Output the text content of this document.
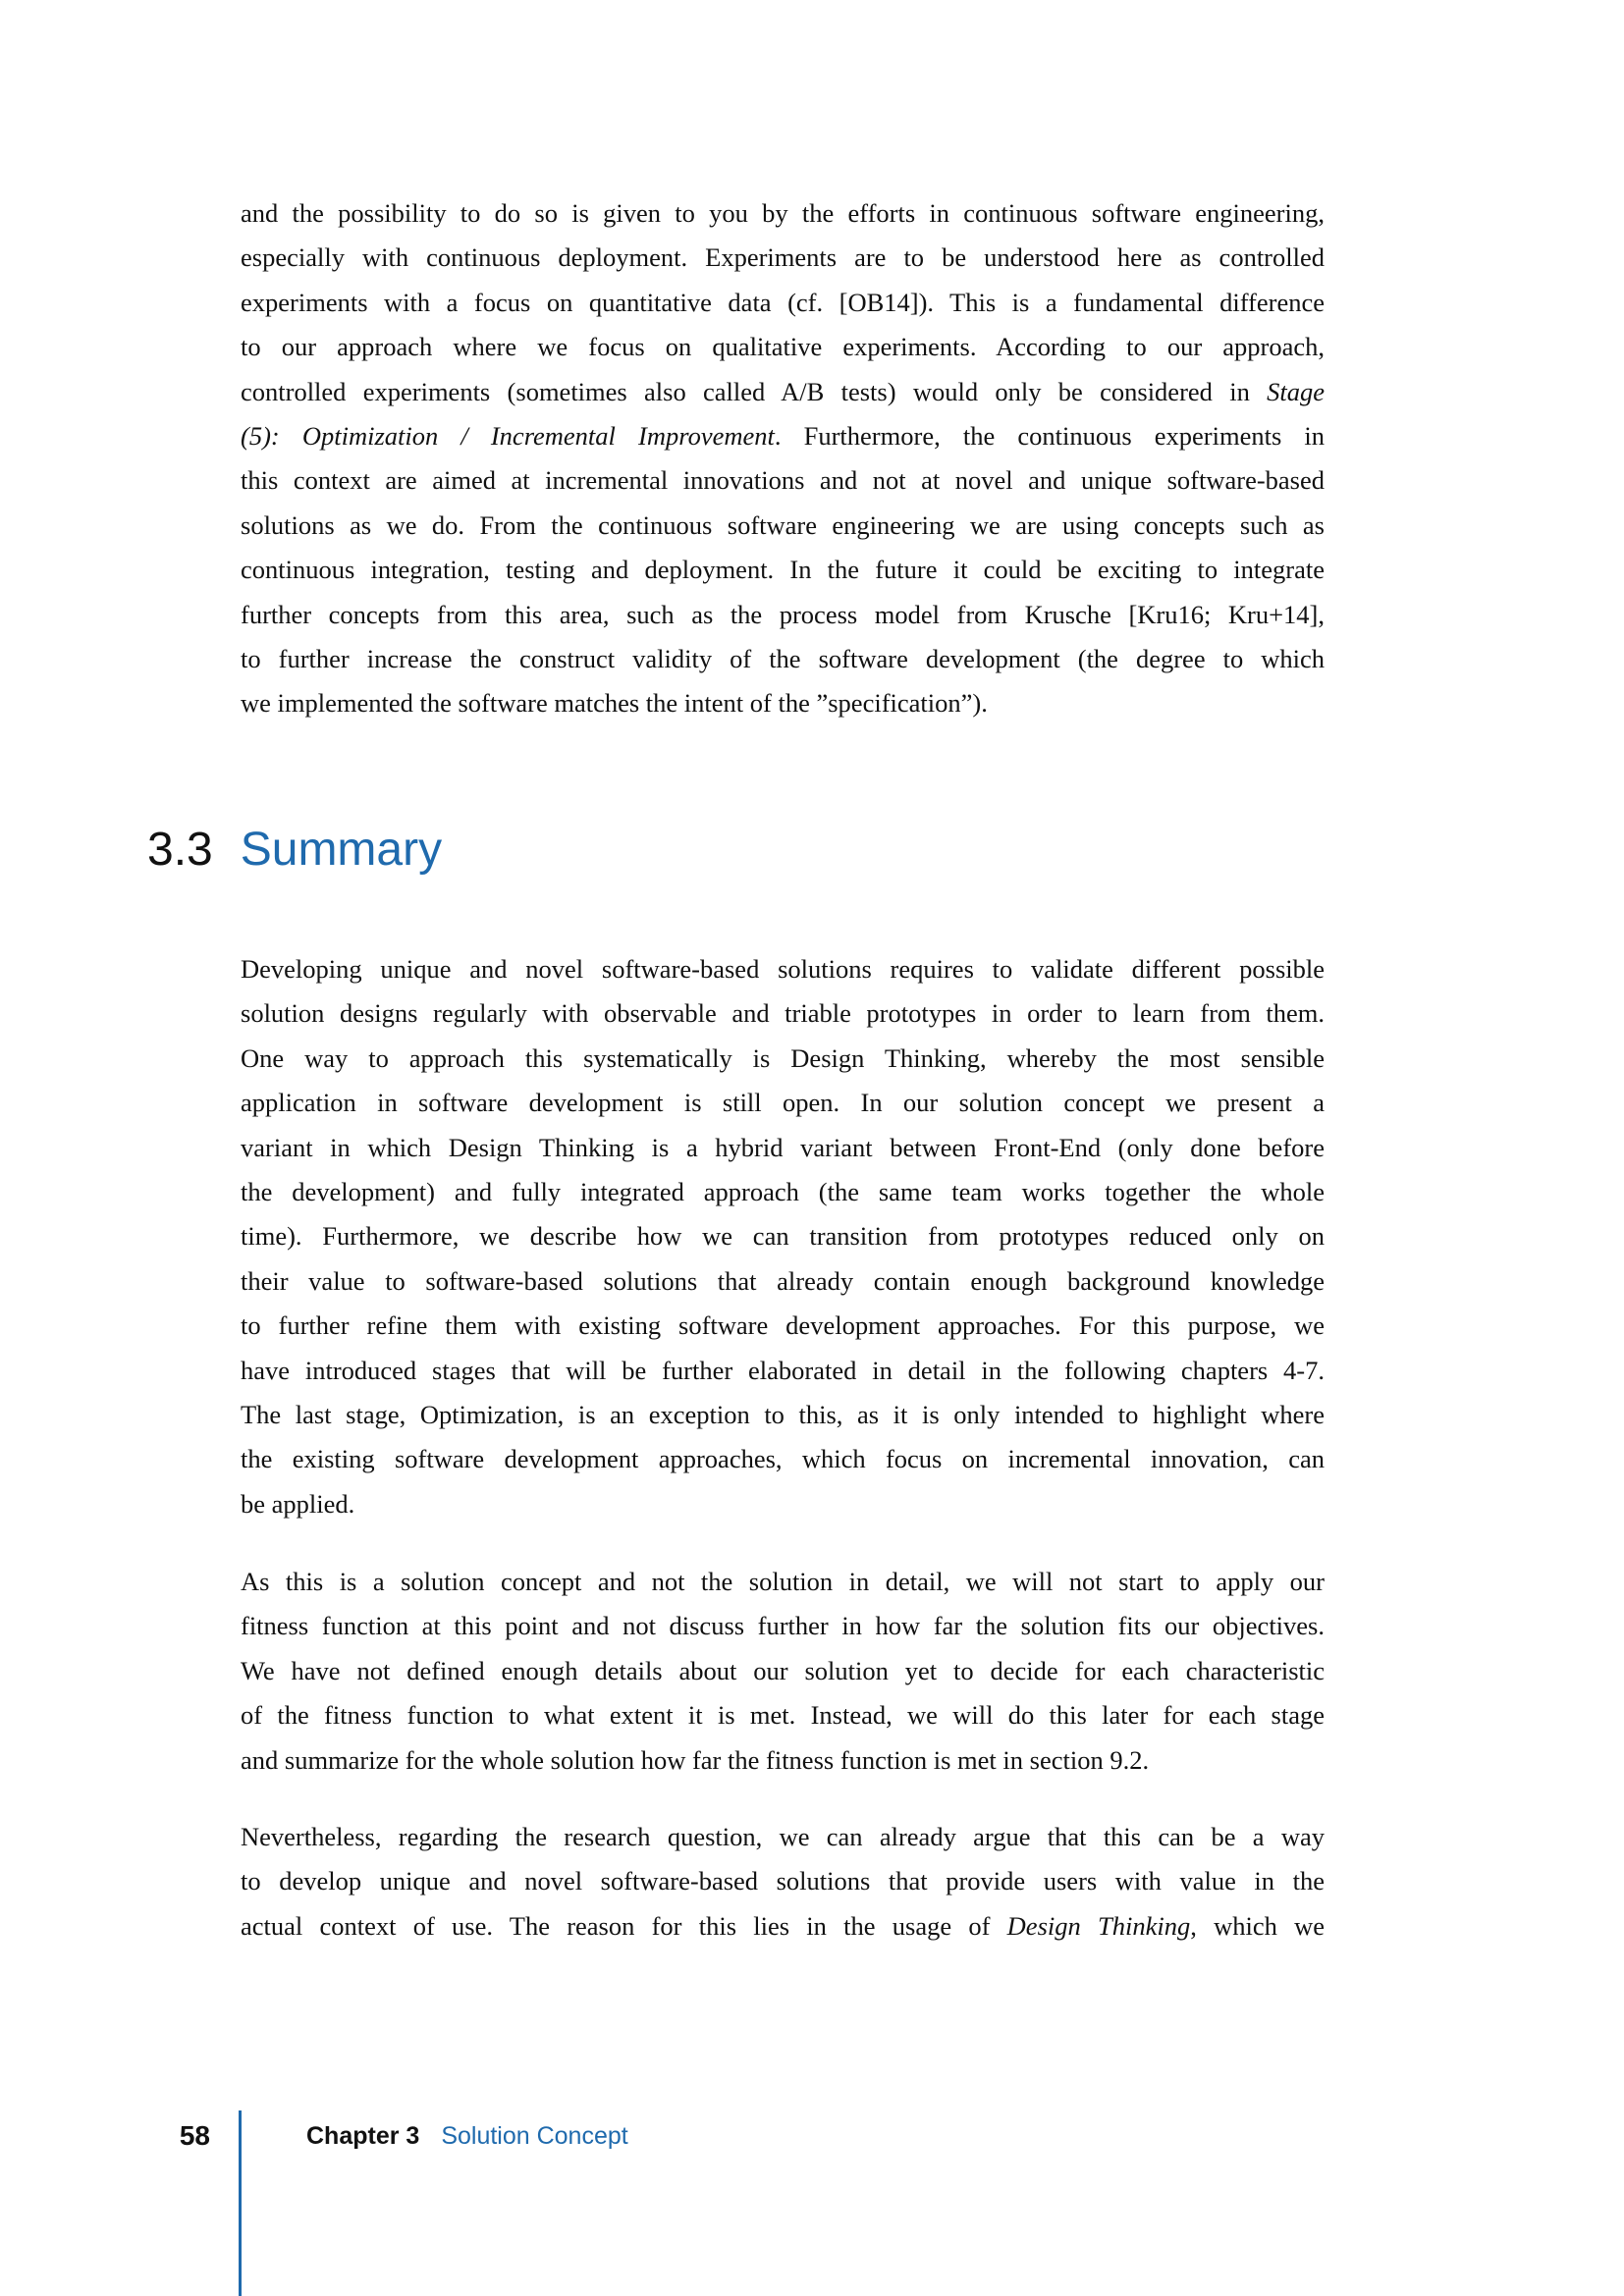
and the possibility to do so is given to you by the efforts in continuous software engineering,
especially with continuous deployment. Experiments are to be understood here as controlled
experiments with a focus on quantitative data (cf. [OB14]). This is a fundamental difference
to our approach where we focus on qualitative experiments. According to our approach,
controlled experiments (sometimes also called A/B tests) would only be considered in Stage
(5): Optimization / Incremental Improvement. Furthermore, the continuous experiments in
this context are aimed at incremental innovations and not at novel and unique software-based
solutions as we do. From the continuous software engineering we are using concepts such as
continuous integration, testing and deployment. In the future it could be exciting to integrate
further concepts from this area, such as the process model from Krusche [Kru16; Kru+14],
to further increase the construct validity of the software development (the degree to which
we implemented the software matches the intent of the ”specification”).
3.3 Summary
Developing unique and novel software-based solutions requires to validate different possible
solution designs regularly with observable and triable prototypes in order to learn from them.
One way to approach this systematically is Design Thinking, whereby the most sensible
application in software development is still open. In our solution concept we present a
variant in which Design Thinking is a hybrid variant between Front-End (only done before
the development) and fully integrated approach (the same team works together the whole
time). Furthermore, we describe how we can transition from prototypes reduced only on
their value to software-based solutions that already contain enough background knowledge
to further refine them with existing software development approaches. For this purpose, we
have introduced stages that will be further elaborated in detail in the following chapters 4-7.
The last stage, Optimization, is an exception to this, as it is only intended to highlight where
the existing software development approaches, which focus on incremental innovation, can
be applied.
As this is a solution concept and not the solution in detail, we will not start to apply our
fitness function at this point and not discuss further in how far the solution fits our objectives.
We have not defined enough details about our solution yet to decide for each characteristic
of the fitness function to what extent it is met. Instead, we will do this later for each stage
and summarize for the whole solution how far the fitness function is met in section 9.2.
Nevertheless, regarding the research question, we can already argue that this can be a way
to develop unique and novel software-based solutions that provide users with value in the
actual context of use. The reason for this lies in the usage of Design Thinking, which we
58	Chapter 3 Solution Concept
